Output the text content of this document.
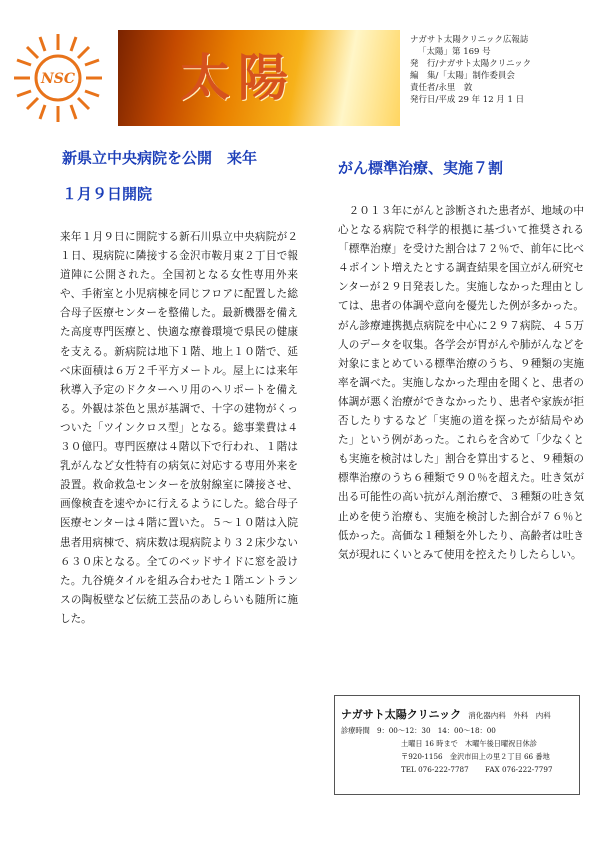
NSC 太陽
ナガサト太陽クリニック広報誌
「太陽」第 169 号
発　行/ナガサト太陽クリニック
編　集/「太陽」制作委員会
責任者/永里　敦
発行日/平成 29 年 12 月 1 日
新県立中央病院を公開　来年
１月９日開院
来年１月９日に開院する新石川県立中央病院が２１日、現病院に隣接する金沢市鞍月東２丁目で報道陣に公開された。全国初となる女性専用外来や、手術室と小児病棟を同じフロアに配置した総合母子医療センターを整備した。最新機器を備えた高度専門医療と、快適な療養環境で県民の健康を支える。新病院は地下１階、地上１０階で、延べ床面積は６万２千平方メートル。屋上には来年秋導入予定のドクターヘリ用のヘリポートを備える。外観は茶色と黒が基調で、十字の建物がくっついた「ツインクロス型」となる。総事業費は４３０億円。専門医療は４階以下で行われ、１階は乳がんなど女性特有の病気に対応する専用外来を設置。救命救急センターを放射線室に隣接させ、画像検査を速やかに行えるようにした。総合母子医療センターは４階に置いた。５～１０階は入院患者用病棟で、病床数は現病院より３２床少ない６３０床となる。全てのベッドサイドに窓を設けた。九谷焼タイルを組み合わせた１階エントランスの陶板壁など伝統工芸品のあしらいも随所に施した。
がん標準治療、実施７割
２０１３年にがんと診断された患者が、地域の中心となる病院で科学的根拠に基づいて推奨される「標準治療」を受けた割合は７２％で、前年に比べ４ポイント増えたとする調査結果を国立がん研究センターが２９日発表した。実施しなかった理由としては、患者の体調や意向を優先した例が多かった。がん診療連携拠点病院を中心に２９７病院、４５万人のデータを収集。各学会が胃がんや肺がんなどを対象にまとめている標準治療のうち、９種類の実施率を調べた。実施しなかった理由を聞くと、患者の体調が悪く治療ができなかったり、患者や家族が拒否したりするなど「実施の道を探ったが結局やめた」という例があった。これらを含めて「少なくとも実施を検討はした」割合を算出すると、９種類の標準治療のうち６種類で９０％を超えた。吐き気が出る可能性の高い抗がん剤治療で、３種類の吐き気止めを使う治療も、実施を検討した割合が７６％と低かった。高価な１種類を外したり、高齢者は吐き気が現れにくいとみて使用を控えたりしたらしい。
ナガサト太陽クリニック 消化器内科　外科　内科
診療時間　9：00～12：30　14：00～18：00
土曜日 16 時まで　木曜午後日曜祝日休診
〒920-1156　金沢市田上の里２丁目 66 番地
TEL 076-222-7787 FAX 076-222-7797
